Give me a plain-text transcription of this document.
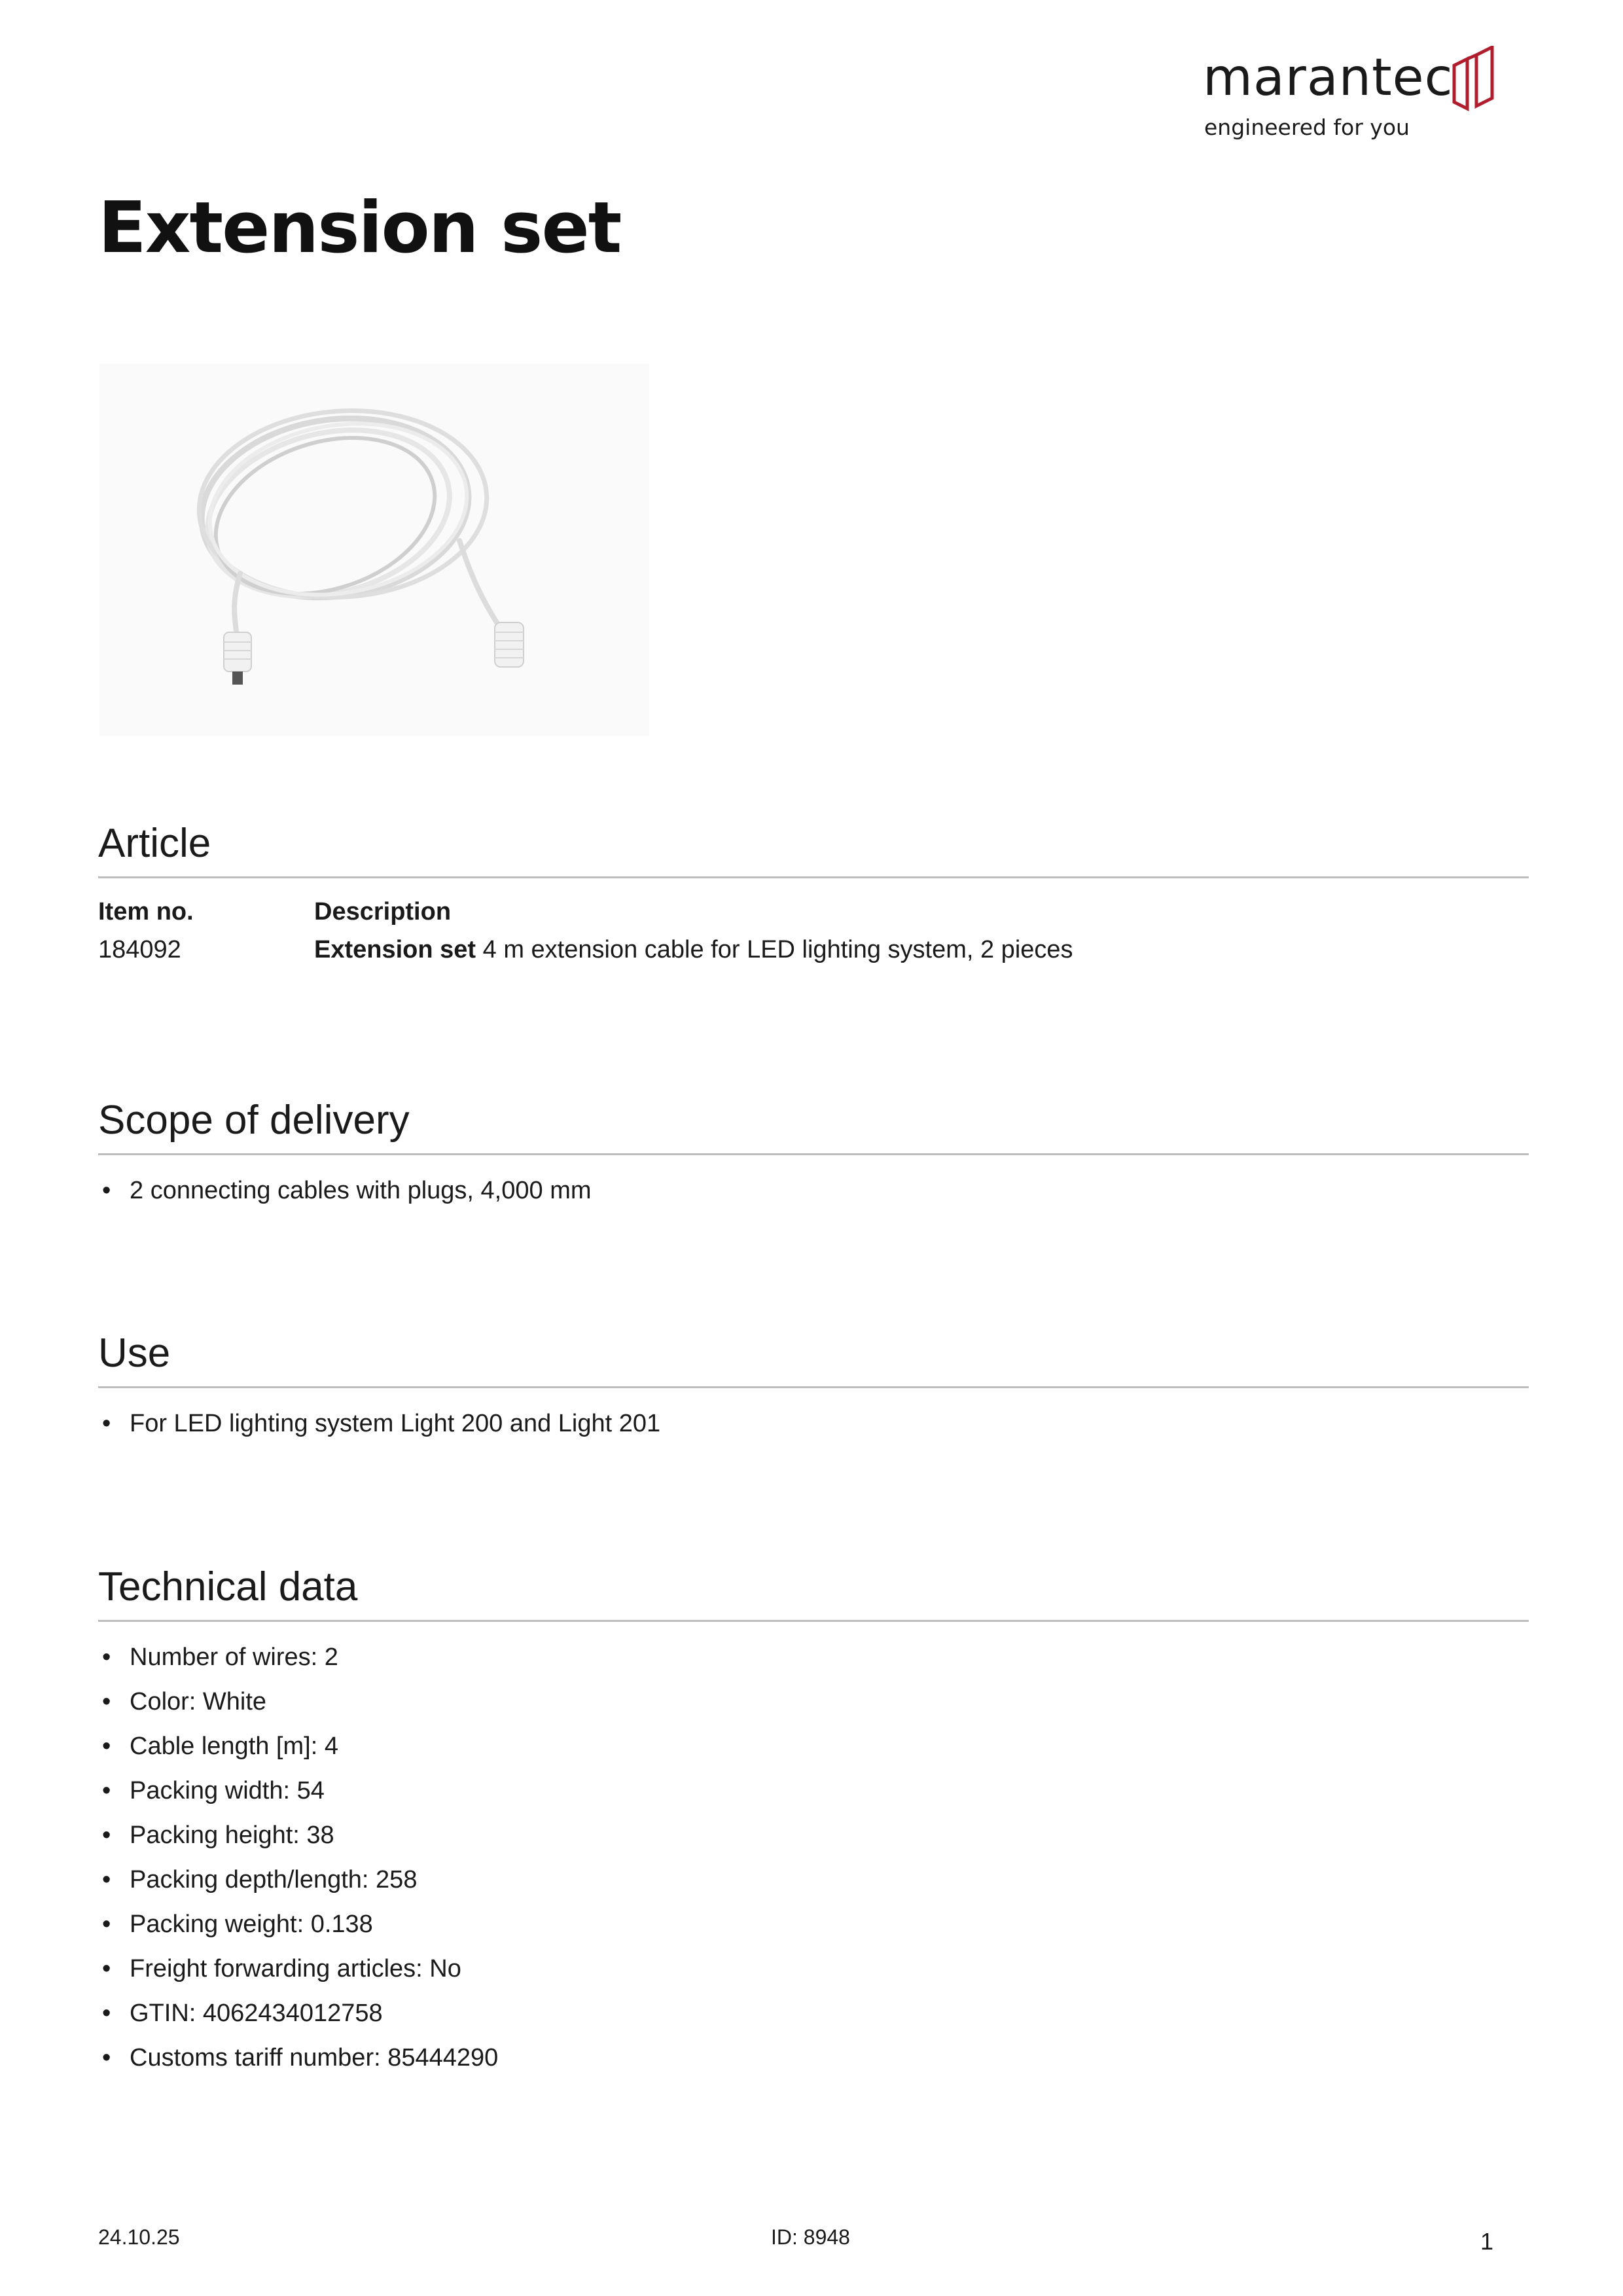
marantec
engineered for you
Extension set
Article
Item no.	Description
184092	Extension set 4 m extension cable for LED lighting system, 2 pieces
Scope of delivery
• 2 connecting cables with plugs, 4,000 mm
Use
• For LED lighting system Light 200 and Light 201
Technical data
• Number of wires: 2
• Color: White
• Cable length [m]: 4
• Packing width: 54
• Packing height: 38
• Packing depth/length: 258
• Packing weight: 0.138
• Freight forwarding articles: No
• GTIN: 4062434012758
• Customs tariff number: 85444290
24.10.25	ID: 8948	1
